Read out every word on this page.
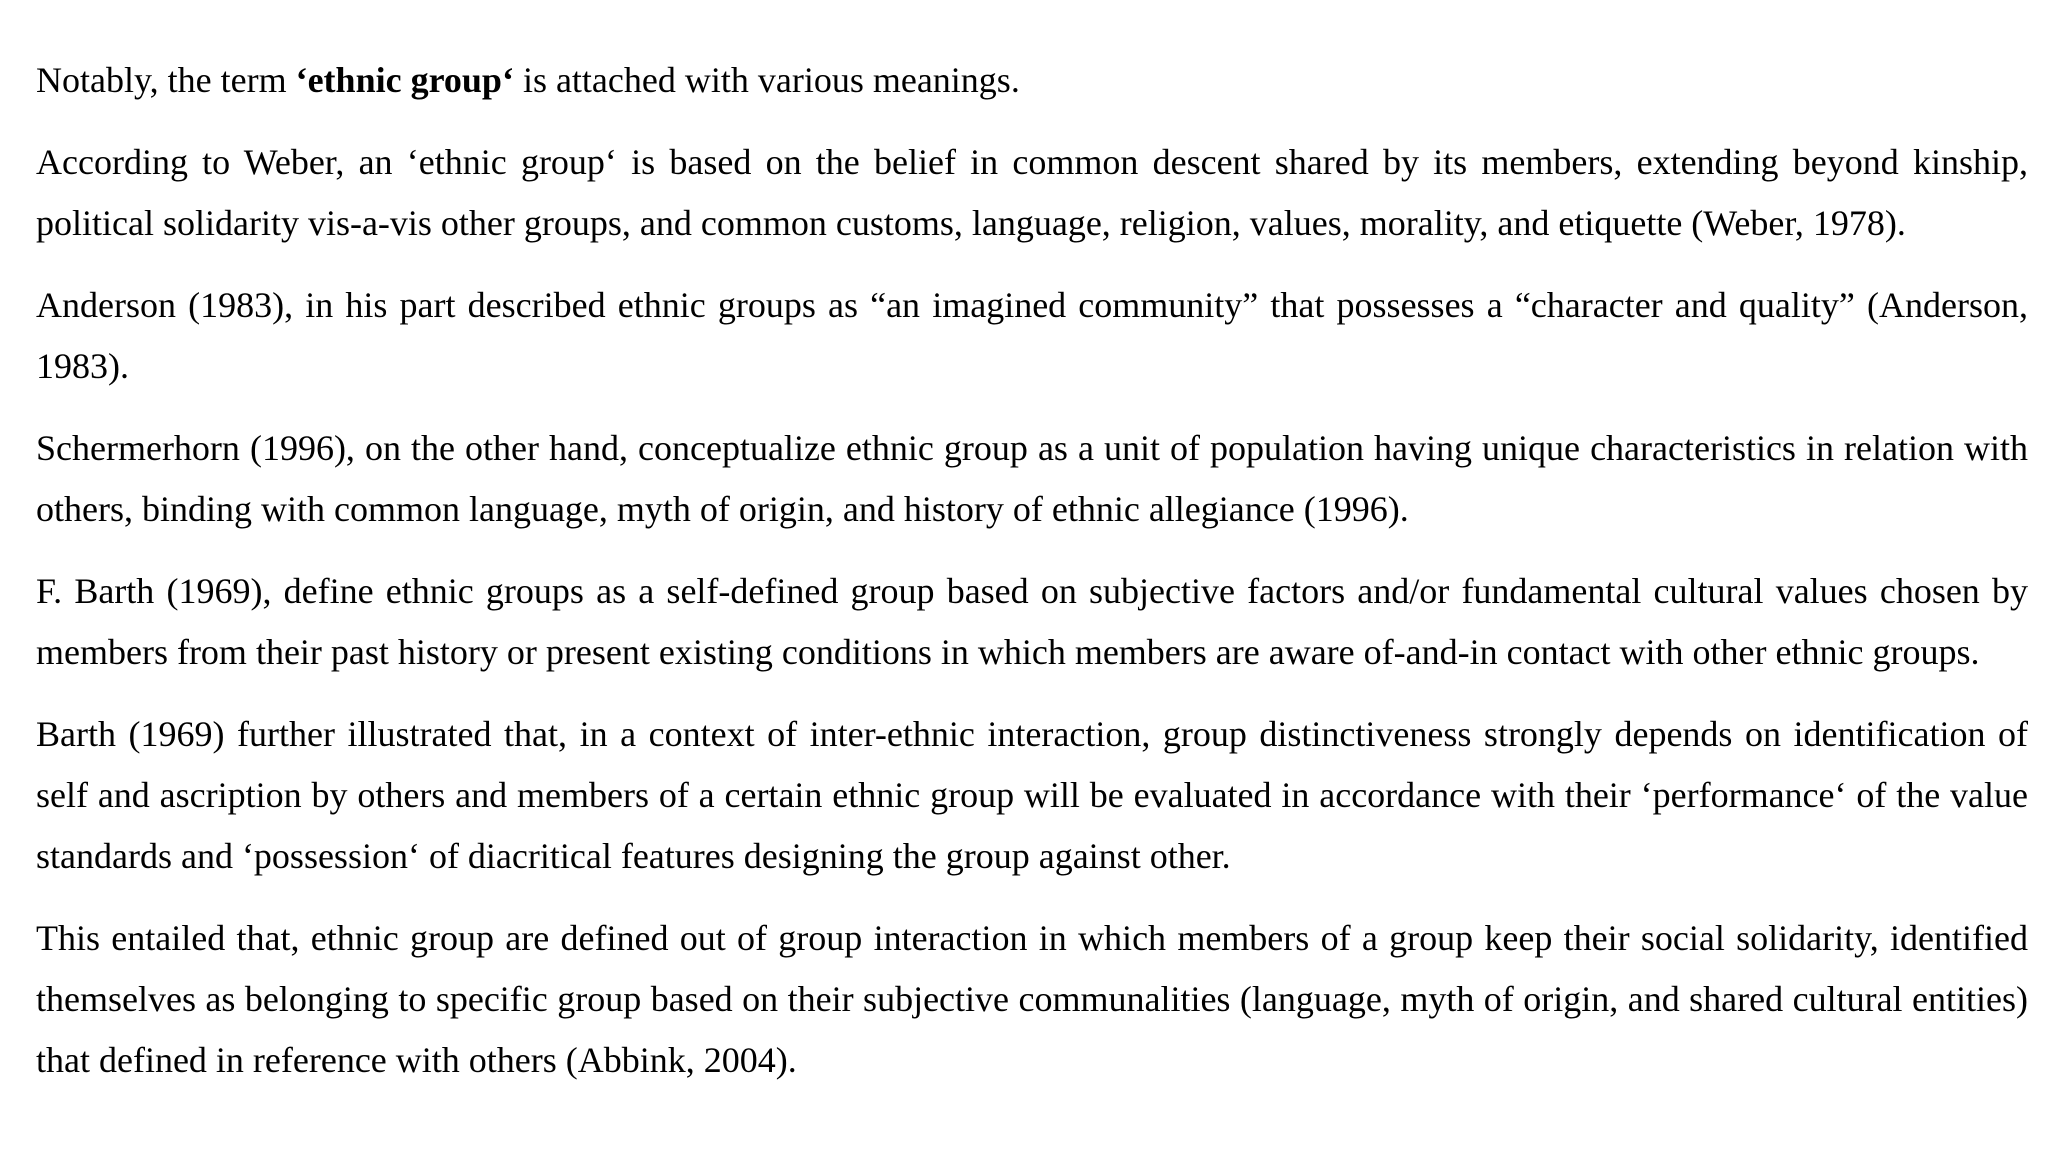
Notably, the term ‘ethnic group‘ is attached with various meanings.

According to Weber, an ‘ethnic group‘ is based on the belief in common descent shared by its members, extending beyond kinship, political solidarity vis-a-vis other groups, and common customs, language, religion, values, morality, and etiquette (Weber, 1978).

Anderson (1983), in his part described ethnic groups as “an imagined community” that possesses a “character and quality” (Anderson, 1983).

Schermerhorn (1996), on the other hand, conceptualize ethnic group as a unit of population having unique characteristics in relation with others, binding with common language, myth of origin, and history of ethnic allegiance (1996).

F. Barth (1969), define ethnic groups as a self-defined group based on subjective factors and/or fundamental cultural values chosen by members from their past history or present existing conditions in which members are aware of-and-in contact with other ethnic groups.

Barth (1969) further illustrated that, in a context of inter-ethnic interaction, group distinctiveness strongly depends on identification of self and ascription by others and members of a certain ethnic group will be evaluated in accordance with their ‘performance‘ of the value standards and ‘possession‘ of diacritical features designing the group against other.

This entailed that, ethnic group are defined out of group interaction in which members of a group keep their social solidarity, identified themselves as belonging to specific group based on their subjective communalities (language, myth of origin, and shared cultural entities) that defined in reference with others (Abbink, 2004).
